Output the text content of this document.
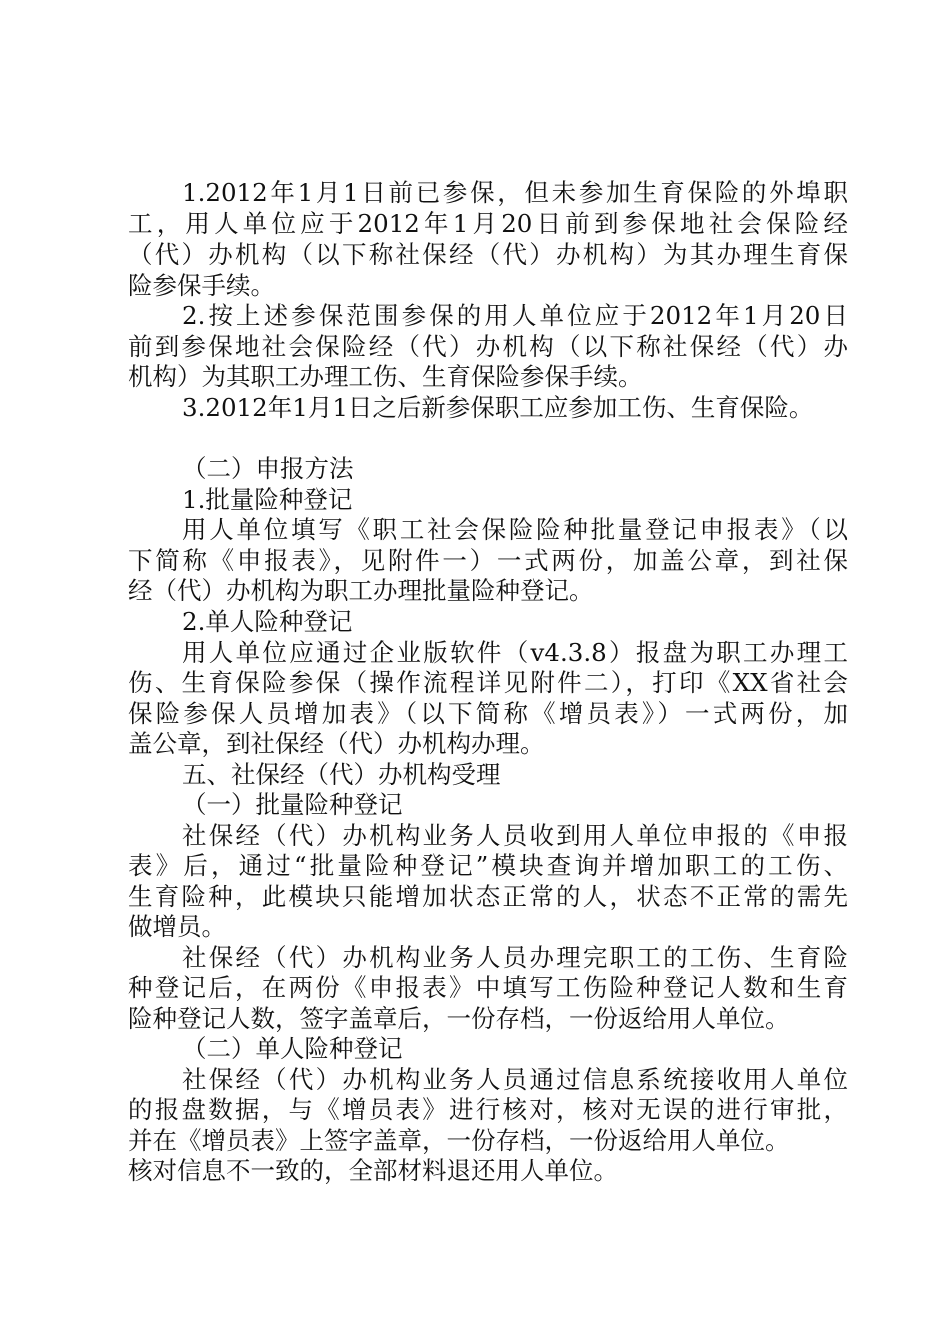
1.2012年1月1日前已参保，但未参加生育保险的外埠职
工，用人单位应于2012年1月20日前到参保地社会保险经
（代）办机构（以下称社保经（代）办机构）为其办理生育保
险参保手续。
2.按上述参保范围参保的用人单位应于2012年1月20日
前到参保地社会保险经（代）办机构（以下称社保经（代）办
机构）为其职工办理工伤、生育保险参保手续。
3.2012年1月1日之后新参保职工应参加工伤、生育保险。
（二）申报方法
1.批量险种登记
用人单位填写《职工社会保险险种批量登记申报表》（以
下简称《申报表》，见附件一）一式两份，加盖公章，到社保
经（代）办机构为职工办理批量险种登记。
2.单人险种登记
用人单位应通过企业版软件（v4.3.8）报盘为职工办理工
伤、生育保险参保（操作流程详见附件二），打印《XX省社会
保险参保人员增加表》（以下简称《增员表》）一式两份，加
盖公章，到社保经（代）办机构办理。
五、社保经（代）办机构受理
（一）批量险种登记
社保经（代）办机构业务人员收到用人单位申报的《申报
表》后，通过“批量险种登记”模块查询并增加职工的工伤、
生育险种，此模块只能增加状态正常的人，状态不正常的需先
做增员。
社保经（代）办机构业务人员办理完职工的工伤、生育险
种登记后，在两份《申报表》中填写工伤险种登记人数和生育
险种登记人数，签字盖章后，一份存档，一份返给用人单位。
（二）单人险种登记
社保经（代）办机构业务人员通过信息系统接收用人单位
的报盘数据，与《增员表》进行核对，核对无误的进行审批，
并在《增员表》上签字盖章，一份存档，一份返给用人单位。
核对信息不一致的，全部材料退还用人单位。
